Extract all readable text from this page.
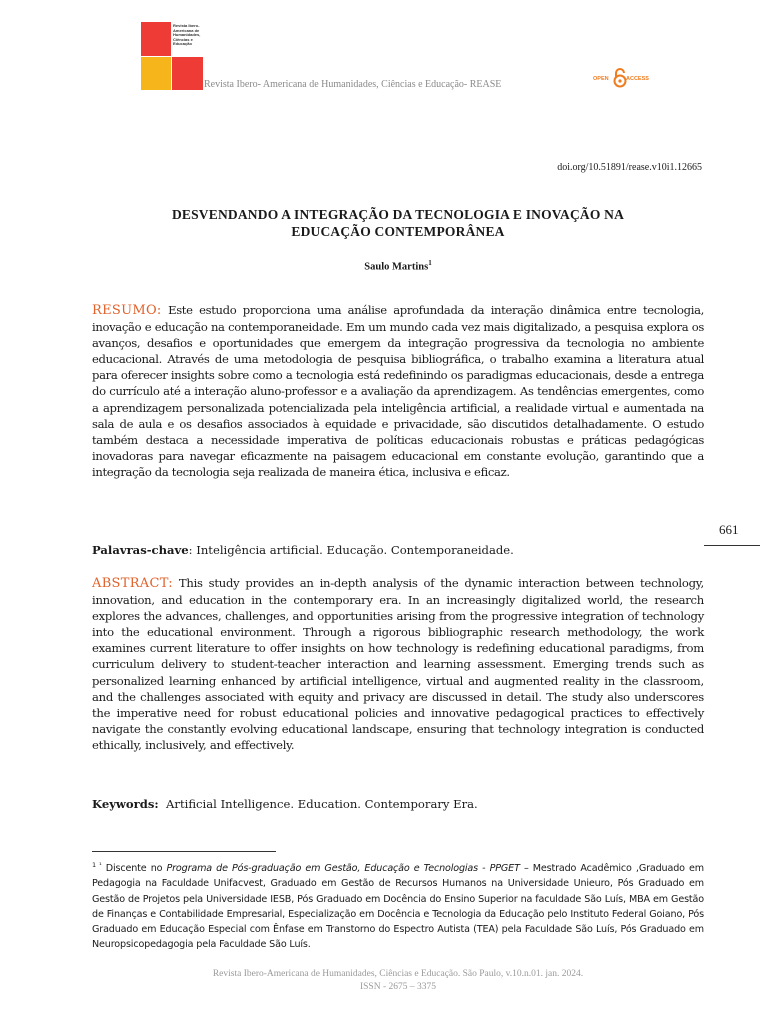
Revista Ibero-
Americana de
Humanidades,
Ciências e
Educação
Revista Ibero- Americana de Humanidades, Ciências e Educação- REASE	OPEN	ACCESS
doi.org/10.51891/rease.v10i1.12665
DESVENDANDO A INTEGRAÇÃO DA TECNOLOGIA E INOVAÇÃO NA
EDUCAÇÃO CONTEMPORÂNEA
Saulo Martins$^1$
RESUMO: Este estudo proporciona uma análise aprofundada da interação dinâmica entre tecnologia, inovação e educação na contemporaneidade. Em um mundo cada vez mais digitalizado, a pesquisa explora os avanços, desafios e oportunidades que emergem da integração progressiva da tecnologia no ambiente educacional. Através de uma metodologia de pesquisa bibliográfica, o trabalho examina a literatura atual para oferecer insights sobre como a tecnologia está redefinindo os paradigmas educacionais, desde a entrega do currículo até a interação aluno-professor e a avaliação da aprendizagem. As tendências emergentes, como a aprendizagem personalizada potencializada pela inteligência artificial, a realidade virtual e aumentada na sala de aula e os desafios associados à equidade e privacidade, são discutidos detalhadamente. O estudo também destaca a necessidade imperativa de políticas educacionais robustas e práticas pedagógicas inovadoras para navegar eficazmente na paisagem educacional em constante evolução, garantindo que a integração da tecnologia seja realizada de maneira ética, inclusiva e eficaz.
Palavras-chave: Inteligência artificial. Educação. Contemporaneidade.
661
ABSTRACT: This study provides an in-depth analysis of the dynamic interaction between technology, innovation, and education in the contemporary era. In an increasingly digitalized world, the research explores the advances, challenges, and opportunities arising from the progressive integration of technology into the educational environment. Through a rigorous bibliographic research methodology, the work examines current literature to offer insights on how technology is redefining educational paradigms, from curriculum delivery to student-teacher interaction and learning assessment. Emerging trends such as personalized learning enhanced by artificial intelligence, virtual and augmented reality in the classroom, and the challenges associated with equity and privacy are discussed in detail. The study also underscores the imperative need for robust educational policies and innovative pedagogical practices to effectively navigate the constantly evolving educational landscape, ensuring that technology integration is conducted ethically, inclusively, and effectively.
Keywords: Artificial Intelligence. Education. Contemporary Era.
$^{1 ^1}$ Discente no Programa de Pós-graduação em Gestão, Educação e Tecnologias - PPGET – Mestrado Acadêmico ,Graduado em Pedagogia na Faculdade Unifacvest, Graduado em Gestão de Recursos Humanos na Universidade Unieuro, Pós Graduado em Gestão de Projetos pela Universidade IESB, Pós Graduado em Docência do Ensino Superior na faculdade São Luís, MBA em Gestão de Finanças e Contabilidade Empresarial, Especialização em Docência e Tecnologia da Educação pelo Instituto Federal Goiano, Pós Graduado em Educação Especial com Ênfase em Transtorno do Espectro Autista (TEA) pela Faculdade São Luís, Pós Graduado em Neuropsicopedagogia pela Faculdade São Luís.
Revista Ibero-Americana de Humanidades, Ciências e Educação. São Paulo, v.10.n.01. jan. 2024.
ISSN - 2675 – 3375
